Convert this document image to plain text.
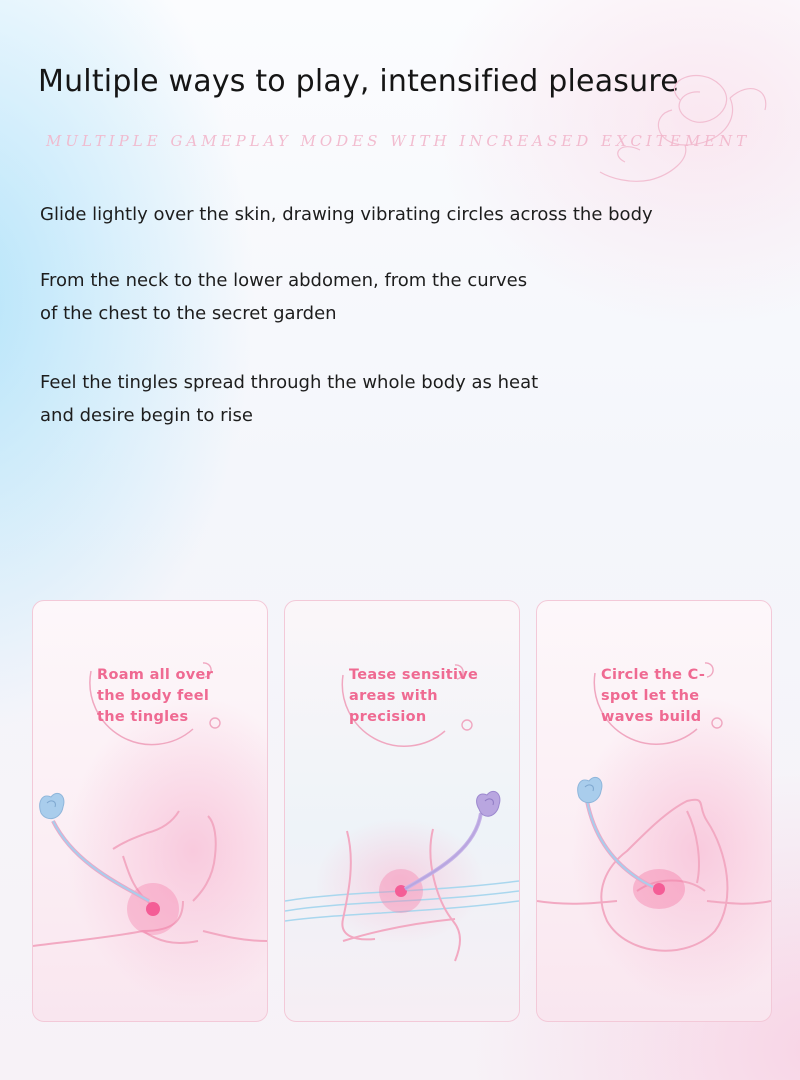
Multiple ways to play, intensified pleasure
MULTIPLE GAMEPLAY MODES WITH INCREASED EXCITEMENT

Glide lightly over the skin, drawing vibrating circles across the body

From the neck to the lower abdomen, from the curves
of the chest to the secret garden

Feel the tingles spread through the whole body as heat
and desire begin to rise

Roam all over
the body feel
the tingles
Tease sensitive
areas with
precision
Circle the C-
spot let the
waves build
